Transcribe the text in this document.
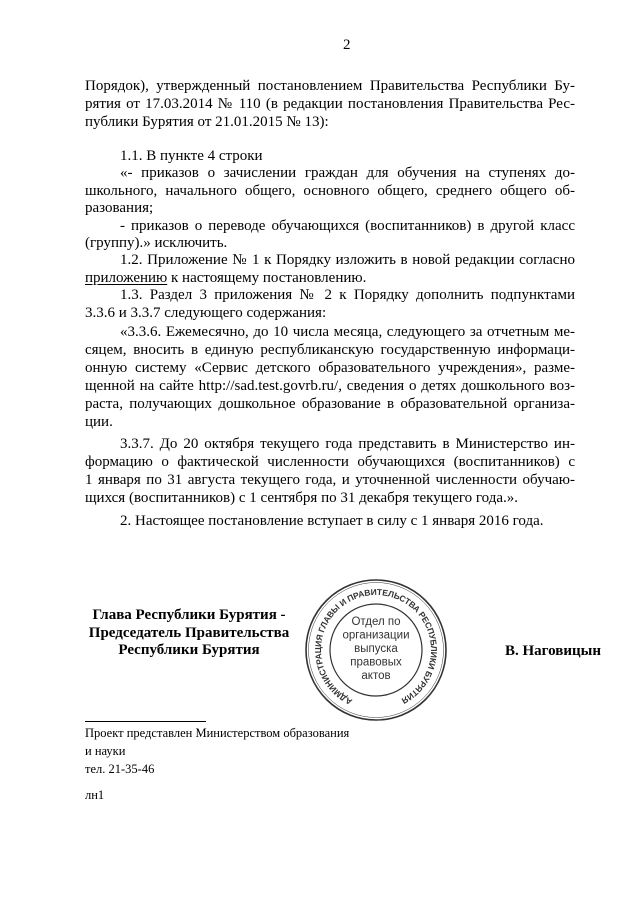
2
Порядок), утвержденный постановлением Правительства Республики Бу-
рятия от 17.03.2014 № 110 (в редакции постановления Правительства Рес-
публики Бурятия от 21.01.2015 № 13):
1.1. В пункте 4 строки
«- приказов о зачислении граждан для обучения на ступенях до-
школьного, начального общего, основного общего, среднего общего об-
разования;
- приказов о переводе обучающихся (воспитанников) в другой класс
(группу).» исключить.
1.2. Приложение № 1 к Порядку изложить в новой редакции согласно
приложению к настоящему постановлению.
1.3. Раздел 3 приложения № 2 к Порядку дополнить подпунктами
3.3.6 и 3.3.7 следующего содержания:
«3.3.6. Ежемесячно, до 10 числа месяца, следующего за отчетным ме-
сяцем, вносить в единую республиканскую государственную информаци-
онную систему «Сервис детского образовательного учреждения», разме-
щенной на сайте http://sad.test.govrb.ru/, сведения о детях дошкольного воз-
раста, получающих дошкольное образование в образовательной организа-
ции.
3.3.7. До 20 октября текущего года представить в Министерство ин-
формацию о фактической численности обучающихся (воспитанников) с
1 января по 31 августа текущего года, и уточненной численности обучаю-
щихся (воспитанников) с 1 сентября по 31 декабря текущего года.».
2. Настоящее постановление вступает в силу с 1 января 2016 года.
Глава Республики Бурятия -
Председатель Правительства
Республики Бурятия
АДМИНИСТРАЦИЯ ГЛАВЫ И ПРАВИТЕЛЬСТВА РЕСПУБЛИКИ БУРЯТИЯ
Отдел по
организации
выпуска
правовых
актов
В. Наговицын
Проект представлен Министерством образования
и науки
тел. 21-35-46
лн1
